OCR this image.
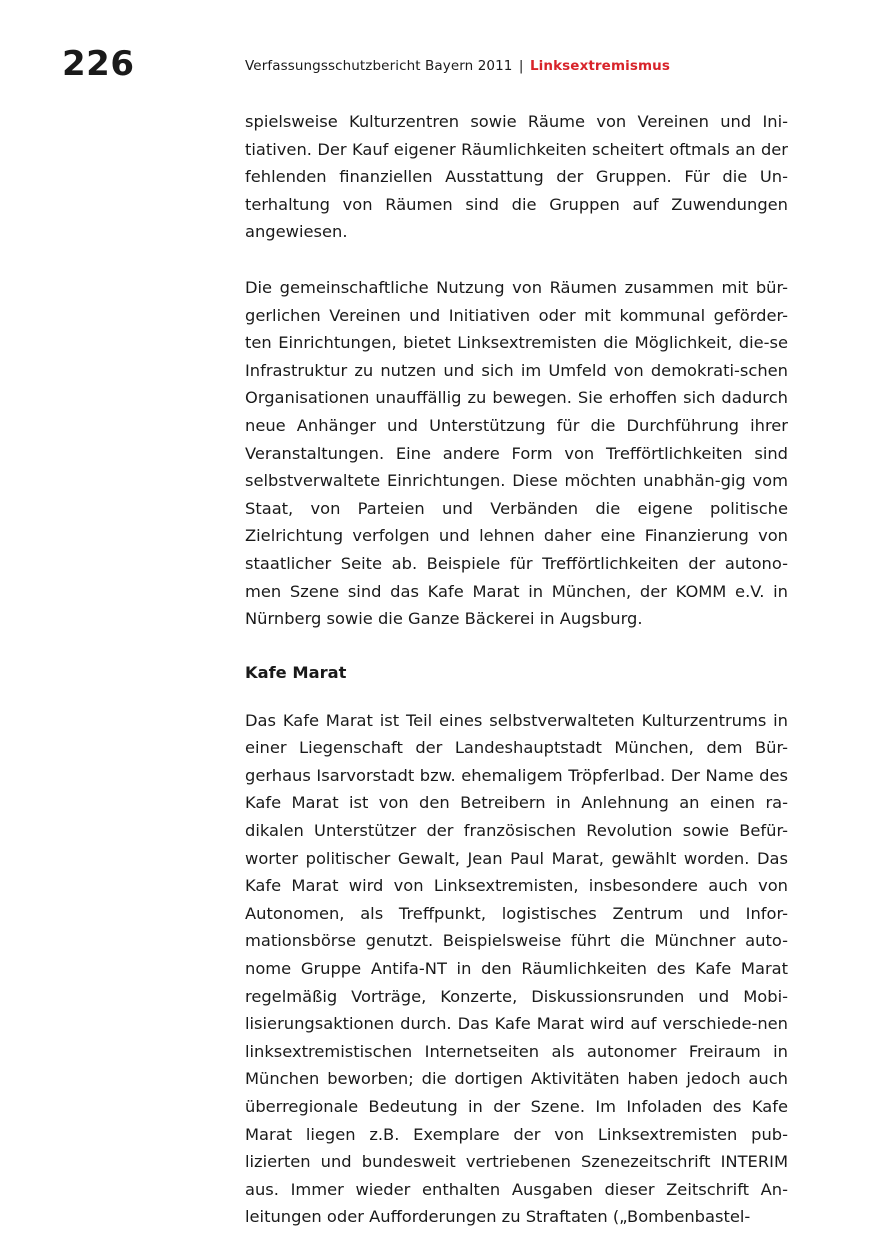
226	Verfassungsschutzbericht Bayern 2011 | Linksextremismus

spielsweise Kulturzentren sowie Räume von Vereinen und Ini-tiativen. Der Kauf eigener Räumlichkeiten scheitert oftmals an der fehlenden finanziellen Ausstattung der Gruppen. Für die Un-terhaltung von Räumen sind die Gruppen auf Zuwendungen angewiesen.

Die gemeinschaftliche Nutzung von Räumen zusammen mit bür-gerlichen Vereinen und Initiativen oder mit kommunal geförder-ten Einrichtungen, bietet Linksextremisten die Möglichkeit, die-se Infrastruktur zu nutzen und sich im Umfeld von demokrati-schen Organisationen unauffällig zu bewegen. Sie erhoffen sich dadurch neue Anhänger und Unterstützung für die Durchführung ihrer Veranstaltungen. Eine andere Form von Trefförtlichkeiten sind selbstverwaltete Einrichtungen. Diese möchten unabhän-gig vom Staat, von Parteien und Verbänden die eigene politische Zielrichtung verfolgen und lehnen daher eine Finanzierung von staatlicher Seite ab. Beispiele für Trefförtlichkeiten der autono-men Szene sind das Kafe Marat in München, der KOMM e.V. in Nürnberg sowie die Ganze Bäckerei in Augsburg.

Kafe Marat

Das Kafe Marat ist Teil eines selbstverwalteten Kulturzentrums in einer Liegenschaft der Landeshauptstadt München, dem Bür-gerhaus Isarvorstadt bzw. ehemaligem Tröpferlbad. Der Name des Kafe Marat ist von den Betreibern in Anlehnung an einen ra-dikalen Unterstützer der französischen Revolution sowie Befür-worter politischer Gewalt, Jean Paul Marat, gewählt worden. Das Kafe Marat wird von Linksextremisten, insbesondere auch von Autonomen, als Treffpunkt, logistisches Zentrum und Infor-mationsbörse genutzt. Beispielsweise führt die Münchner auto-nome Gruppe Antifa-NT in den Räumlichkeiten des Kafe Marat regelmäßig Vorträge, Konzerte, Diskussionsrunden und Mobi-lisierungsaktionen durch. Das Kafe Marat wird auf verschiede-nen linksextremistischen Internetseiten als autonomer Freiraum in München beworben; die dortigen Aktivitäten haben jedoch auch überregionale Bedeutung in der Szene. Im Infoladen des Kafe Marat liegen z.B. Exemplare der von Linksextremisten pub-lizierten und bundesweit vertriebenen Szenezeitschrift INTERIM aus. Immer wieder enthalten Ausgaben dieser Zeitschrift An-leitungen oder Aufforderungen zu Straftaten („Bombenbastel-
